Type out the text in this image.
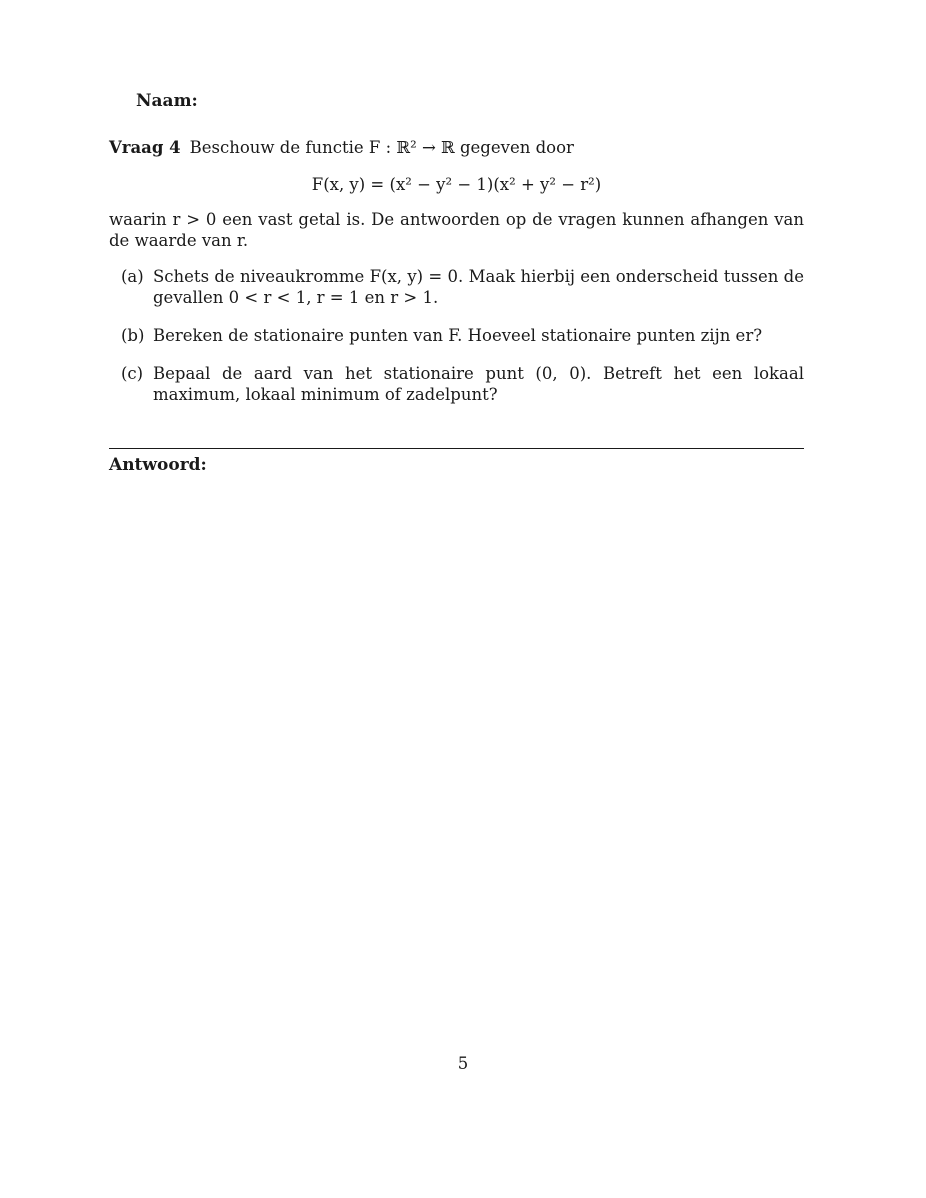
Naam:
Vraag 4 Beschouw de functie F : ℝ² → ℝ gegeven door
F(x, y) = (x² − y² − 1)(x² + y² − r²)
waarin r > 0 een vast getal is. De antwoorden op de vragen kunnen afhangen van de waarde van r.
(a) Schets de niveaukromme F(x, y) = 0. Maak hierbij een onderscheid tussen de gevallen 0 < r < 1, r = 1 en r > 1.
(b) Bereken de stationaire punten van F. Hoeveel stationaire punten zijn er?
(c) Bepaal de aard van het stationaire punt (0, 0). Betreft het een lokaal maximum, lokaal minimum of zadelpunt?
Antwoord:
5
